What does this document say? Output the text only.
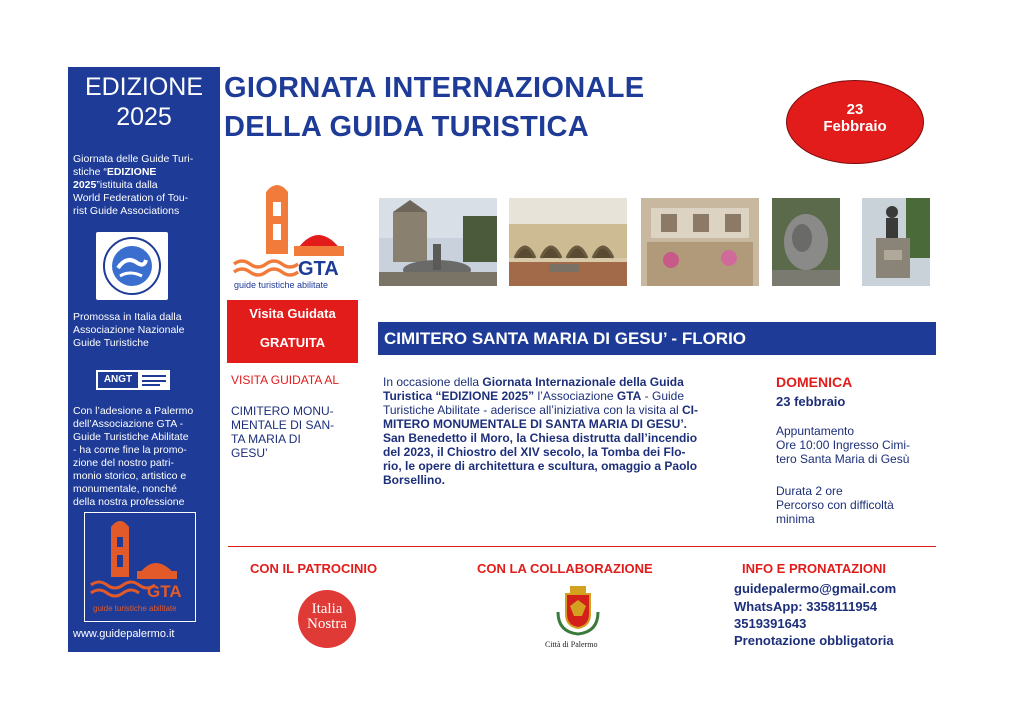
EDIZIONE
2025
Giornata delle Guide Turi-
stiche “EDIZIONE
2025”istituita dalla
World Federation of Tou-
rist Guide Associations
Promossa in Italia dalla
Associazione Nazionale
Guide Turistiche
ANGT
Con l’adesione a Palermo
dell’Associazione GTA -
Guide Turistiche Abilitate
- ha come fine la promo-
zione del nostro patri-
monio storico, artistico e
monumentale, nonché
della nostra professione
GTA
guide turistiche abilitate
www.guidepalermo.it
GIORNATA INTERNAZIONALE
DELLA GUIDA TURISTICA
23
Febbraio
GTA
guide turistiche abilitate
Visita Guidata
GRATUITA
VISITA GUIDATA AL
CIMITERO MONU-
MENTALE DI SAN-
TA MARIA DI
GESU’
CIMITERO SANTA MARIA DI GESU’ - FLORIO
In occasione della Giornata Internazionale della Guida
Turistica “EDIZIONE 2025” l’Associazione GTA - Guide
Turistiche Abilitate - aderisce all’iniziativa con la visita al CI-
MITERO MONUMENTALE DI SANTA MARIA DI GESU’.
San Benedetto il Moro, la Chiesa distrutta dall’incendio
del 2023, il Chiostro del XIV secolo, la Tomba dei Flo-
rio, le opere di architettura e scultura, omaggio a Paolo
Borsellino.
DOMENICA
23 febbraio
Appuntamento
Ore 10:00 Ingresso Cimi-
tero Santa Maria di Gesù
Durata 2 ore
Percorso con difficoltà
minima
CON IL PATROCINIO	CON LA COLLABORAZIONE	INFO E PRONATAZIONI
Italia
Nostra
Città di Palermo
guidepalermo@gmail.com
WhatsApp: 3358111954
3519391643
Prenotazione obbligatoria
